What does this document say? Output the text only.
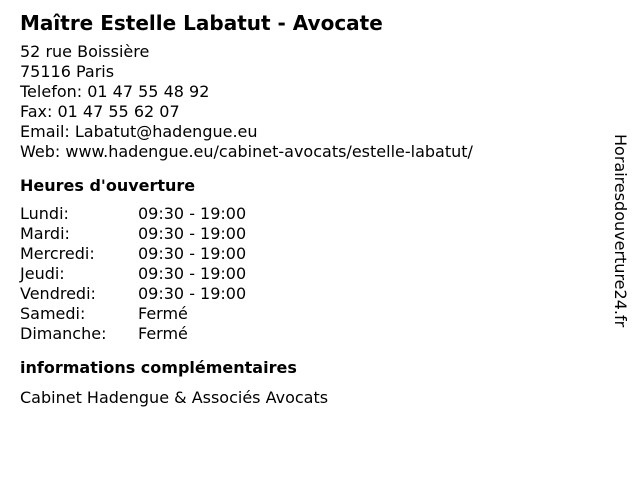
Maître Estelle Labatut - Avocate
52 rue Boissière
75116 Paris
Telefon: 01 47 55 48 92
Fax: 01 47 55 62 07
Email: Labatut@hadengue.eu
Web: www.hadengue.eu/cabinet-avocats/estelle-labatut/
Heures d'ouverture
Lundi:	09:30 - 19:00
Mardi:	09:30 - 19:00
Mercredi:	09:30 - 19:00
Jeudi:	09:30 - 19:00
Vendredi:	09:30 - 19:00
Samedi:	Fermé
Dimanche:	Fermé
informations complémentaires
Cabinet Hadengue & Associés Avocats
Horairesdouverture24.fr
